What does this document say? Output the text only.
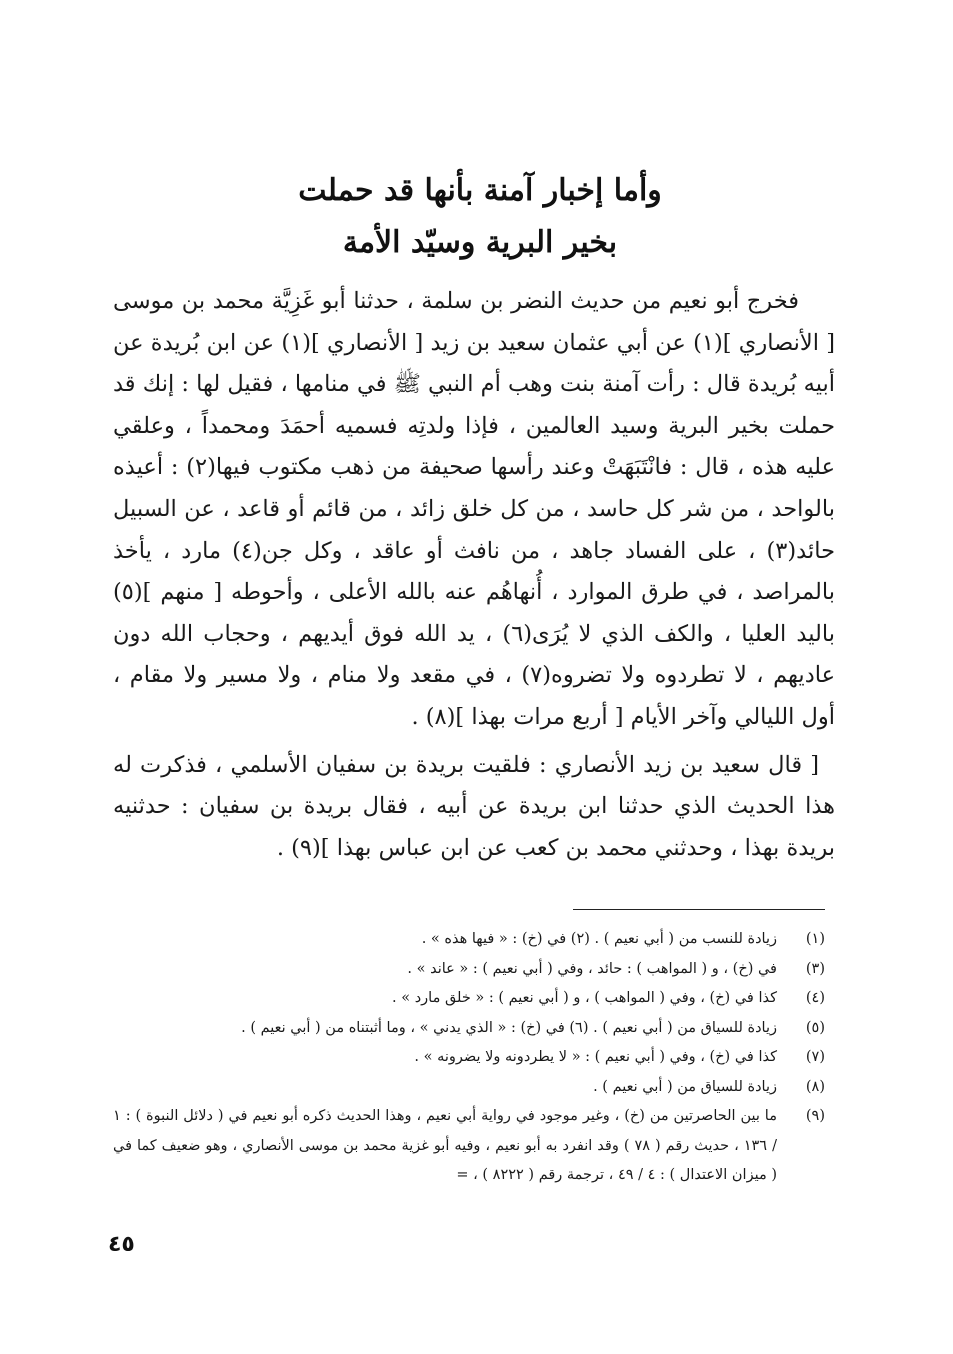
وأما إخبار آمنة بأنها قد حملت
بخير البرية وسيّد الأمة

فخرج أبو نعيم من حديث النضر بن سلمة ، حدثنا أبو غَزِيَّة محمد بن موسى [ الأنصاري ](١) عن أبي عثمان سعيد بن زيد [ الأنصاري ](١) عن ابن بُريدة عن أبيه بُريدة قال : رأت آمنة بنت وهب أم النبي ﷺ في منامها ، فقيل لها : إنك قد حملت بخير البرية وسيد العالمين ، فإذا ولدتِه فسميه أحمَدَ ومحمداً ، وعلقي عليه هذه ، قال : فانْتَبَهَتْ وعند رأسها صحيفة من ذهب مكتوب فيها(٢) : أعيذه بالواحد ، من شر كل حاسد ، من كل خلق زائد ، من قائم أو قاعد ، عن السبيل حائد(٣) ، على الفساد جاهد ، من نافث أو عاقد ، وكل جن(٤) مارد ، يأخذ بالمراصد ، في طرق الموارد ، أُنهاهُم عنه بالله الأعلى ، وأحوطه [ منهم ](٥) باليد العليا ، والكف الذي لا يُرَى(٦) ، يد الله فوق أيديهم ، وحجاب الله دون عاديهم ، لا تطردوه ولا تضروه(٧) ، في مقعد ولا منام ، ولا مسير ولا مقام ، أول الليالي وآخر الأيام [ أربع مرات بهذا ](٨) .

[ قال سعيد بن زيد الأنصاري : فلقيت بريدة بن سفيان الأسلمي ، فذكرت له هذا الحديث الذي حدثنا ابن بريدة عن أبيه ، فقال بريدة بن سفيان : حدثنيه بريدة بهذا ، وحدثني محمد بن كعب عن ابن عباس بهذا ](٩) .

(١)
زيادة للنسب من ( أبي نعيم ) . (٢) في (خ) : « فيها هذه » .
(٣)
في (خ) ، و ( المواهب ) : حائد ، وفي ( أبي نعيم ) : « عاند » .
(٤)
كذا في (خ) ، وفي ( المواهب ) ، و ( أبي نعيم ) : « خلق مارد » .
(٥)
زيادة للسياق من ( أبي نعيم ) . (٦) في (خ) : « الذي يدني » ، وما أثبتناه من ( أبي نعيم ) .
(٧)
كذا في (خ) ، وفي ( أبي نعيم ) : « لا يطردونه ولا يضرونه » .
(٨)
زيادة للسياق من ( أبي نعيم ) .
(٩)
ما بين الحاصرتين من (خ) ، وغير موجود في رواية أبي نعيم ، وهذا الحديث ذكره أبو نعيم في ( دلائل النبوة ) : ١ / ١٣٦ ، حديث رقم ( ٧٨ ) وقد انفرد به أبو نعيم ، وفيه أبو غزية محمد بن موسى الأنصاري ، وهو ضعيف كما في ( ميزان الاعتدال ) : ٤ / ٤٩ ، ترجمة رقم ( ٨٢٢٢ ) ، =
٤٥
